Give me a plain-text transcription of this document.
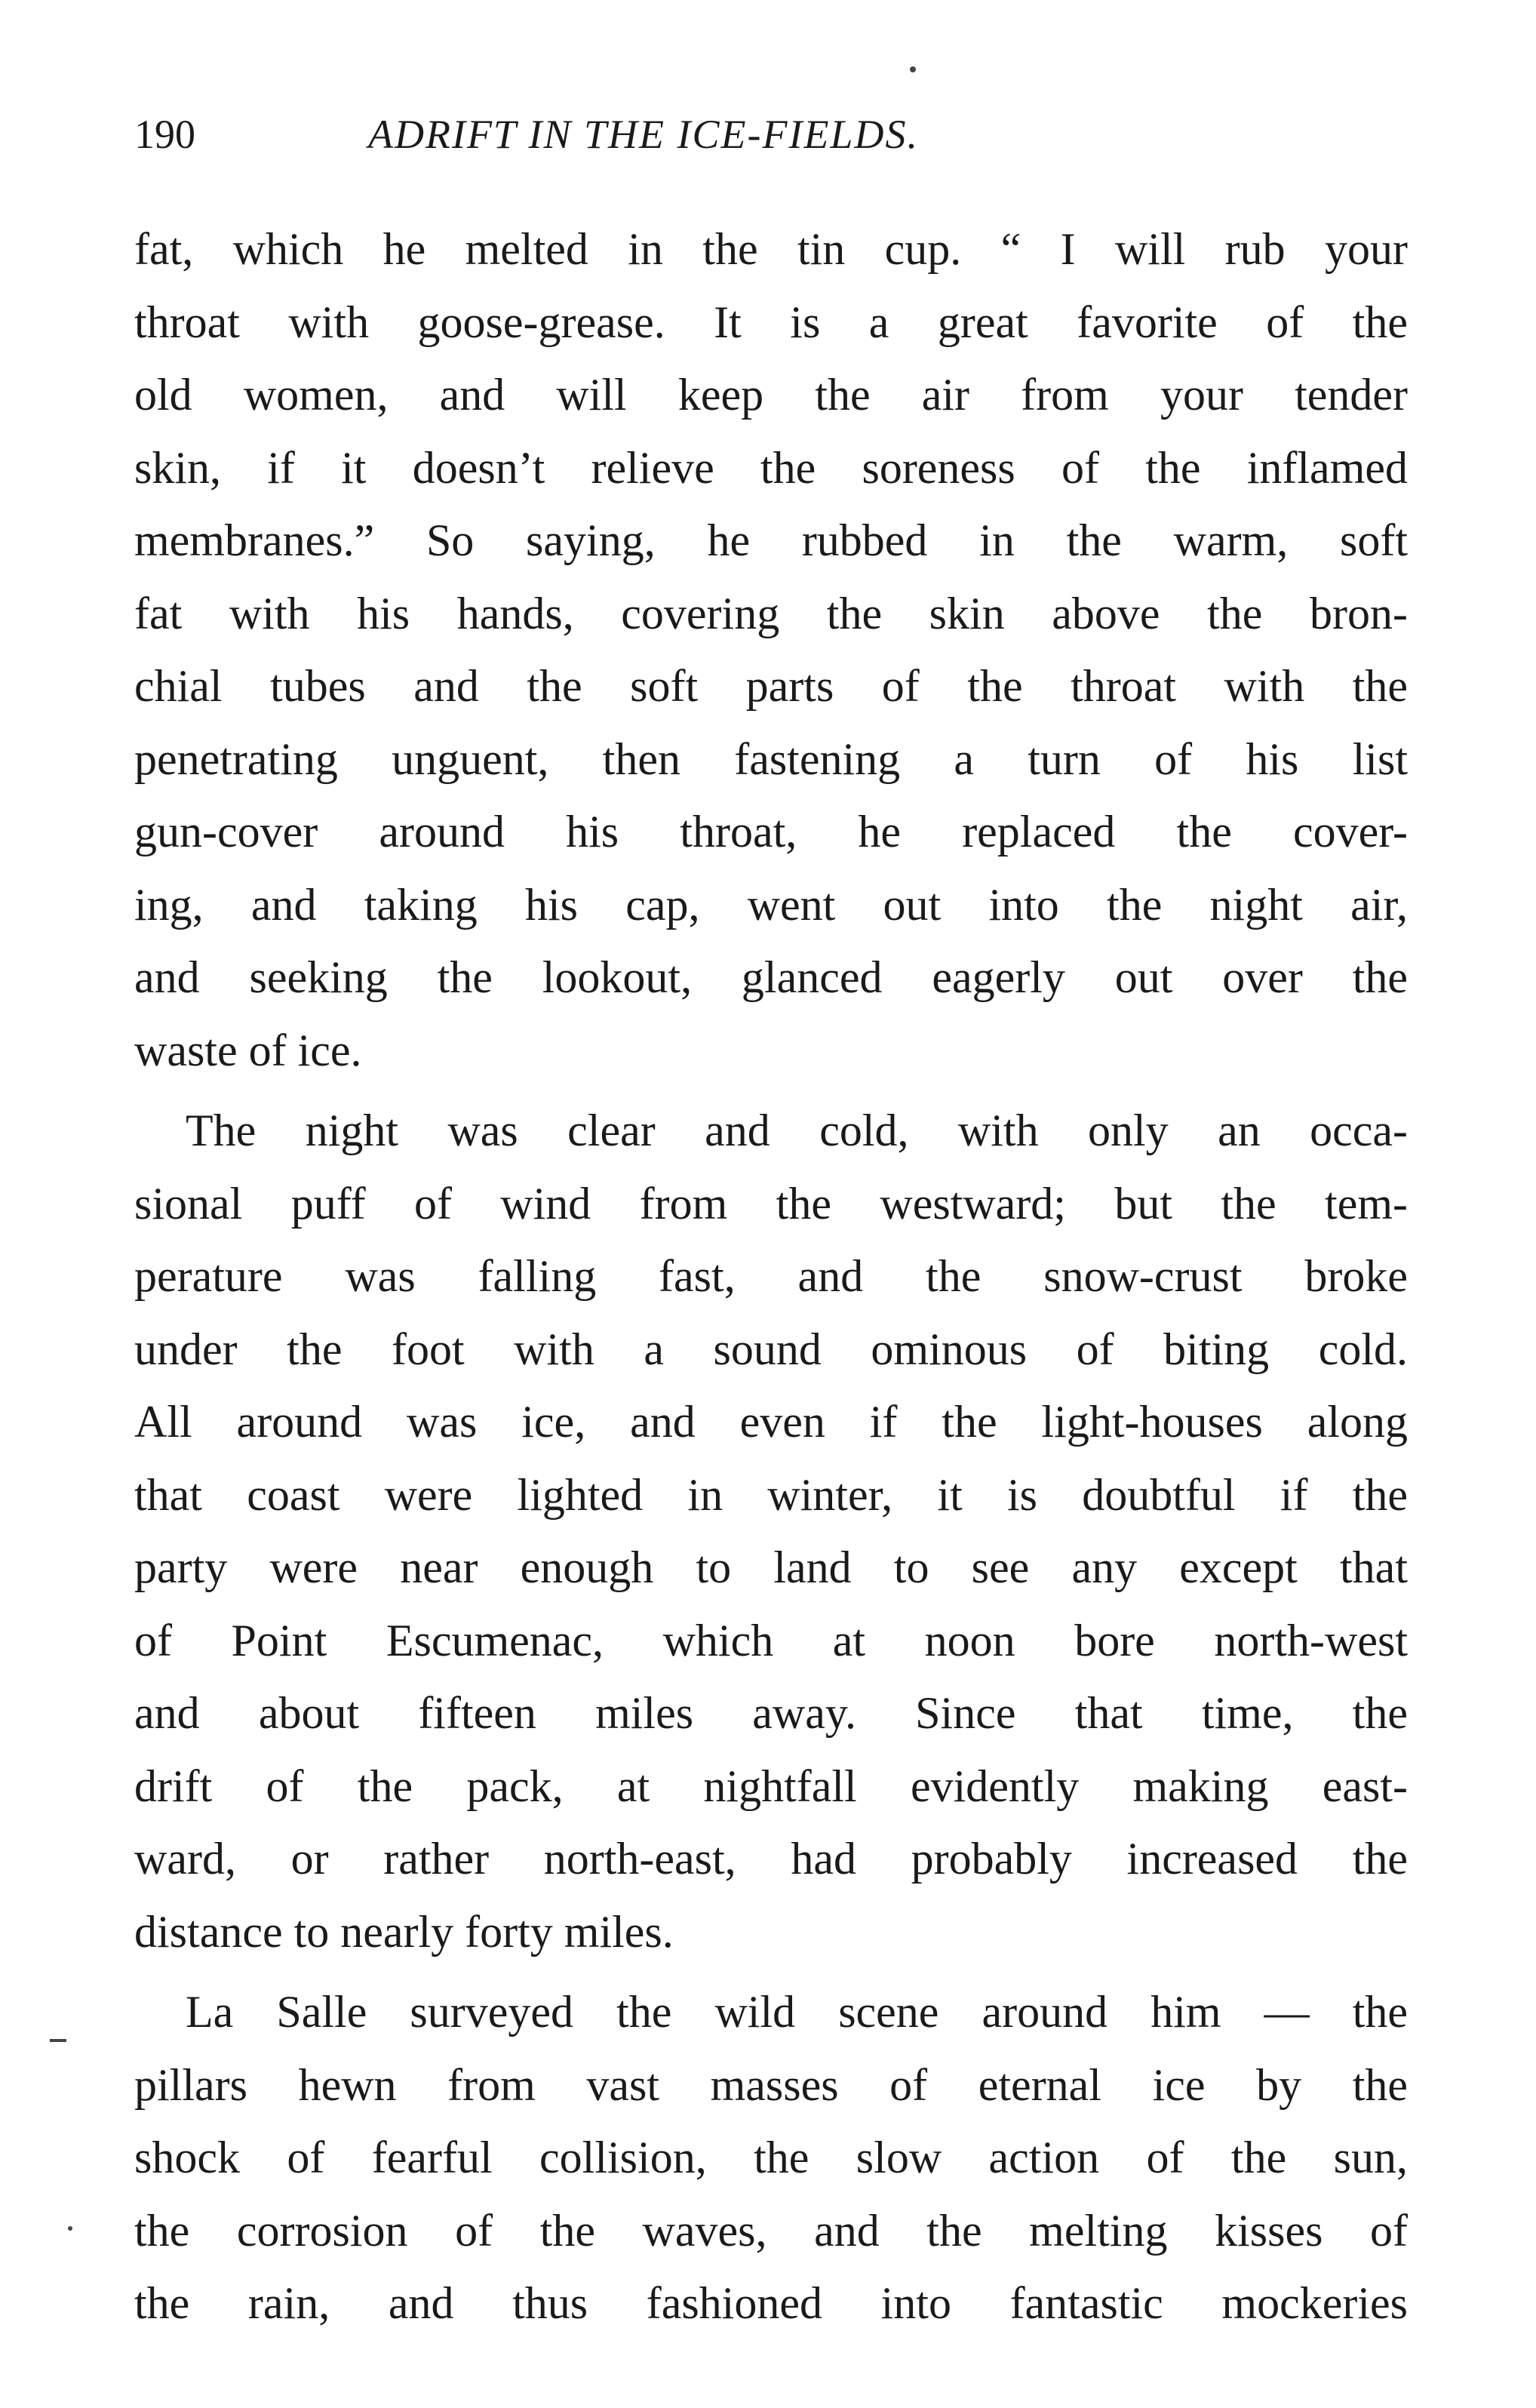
190	ADRIFT IN THE ICE-FIELDS.
fat, which he melted in the tin cup. “ I will rub your
throat with goose-grease. It is a great favorite of the
old women, and will keep the air from your tender
skin, if it doesn’t relieve the soreness of the inflamed
membranes.” So saying, he rubbed in the warm, soft
fat with his hands, covering the skin above the bron-
chial tubes and the soft parts of the throat with the
penetrating unguent, then fastening a turn of his list
gun-cover around his throat, he replaced the cover-
ing, and taking his cap, went out into the night air,
and seeking the lookout, glanced eagerly out over the
waste of ice.
The night was clear and cold, with only an occa-
sional puff of wind from the westward; but the tem-
perature was falling fast, and the snow-crust broke
under the foot with a sound ominous of biting cold.
All around was ice, and even if the light-houses along
that coast were lighted in winter, it is doubtful if the
party were near enough to land to see any except that
of Point Escumenac, which at noon bore north-west
and about fifteen miles away. Since that time, the
drift of the pack, at nightfall evidently making east-
ward, or rather north-east, had probably increased the
distance to nearly forty miles.
La Salle surveyed the wild scene around him — the
pillars hewn from vast masses of eternal ice by the
shock of fearful collision, the slow action of the sun,
the corrosion of the waves, and the melting kisses of
the rain, and thus fashioned into fantastic mockeries
